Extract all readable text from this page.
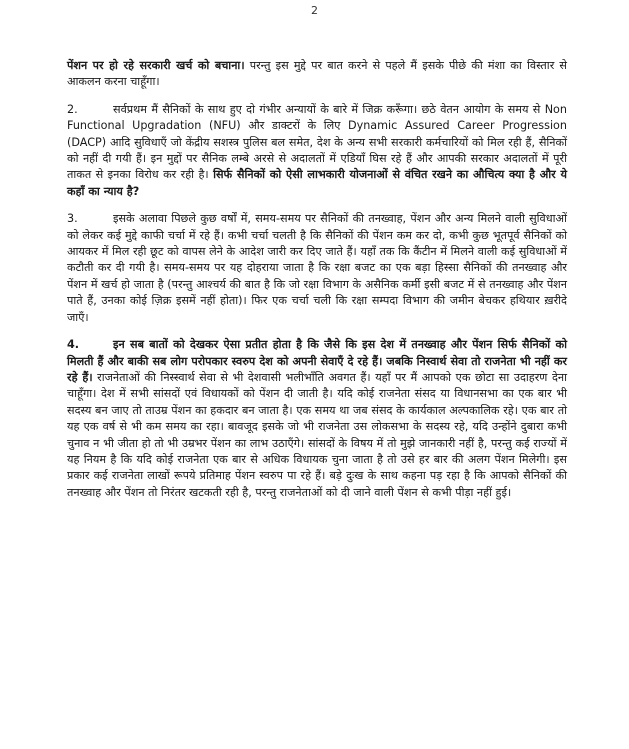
2

पेंशन पर हो रहे सरकारी खर्च को बचाना। परन्तु इस मुद्दे पर बात करने से पहले मैं इसके पीछे की मंशा का विस्तार से आकलन करना चाहूँगा।

2.	सर्वप्रथम मैं सैनिकों के साथ हुए दो गंभीर अन्यायों के बारे में जिक्र करूँगा। छठे वेतन आयोग के समय से Non Functional Upgradation (NFU) और डाक्टरों के लिए Dynamic Assured Career Progression (DACP) आदि सुविधाएँ जो केंद्रीय सशस्त्र पुलिस बल समेत, देश के अन्य सभी सरकारी कर्मचारियों को मिल रही हैं, सैनिकों को नहीं दी गयी हैं। इन मुद्दों पर सैनिक लम्बे अरसे से अदालतों में एडियाँ घिस रहे हैं और आपकी सरकार अदालतों में पूरी ताकत से इनका विरोध कर रही है। सिर्फ सैनिकों को ऐसी लाभकारी योजनाओं से वंचित रखने का औचित्य क्या है और ये कहाँ का न्याय है?

3.	इसके अलावा पिछले कुछ वर्षों में, समय-समय पर सैनिकों की तनख्वाह, पेंशन और अन्य मिलने वाली सुविधाओं को लेकर कई मुद्दे काफी चर्चा में रहे हैं। कभी चर्चा चलती है कि सैनिकों की पेंशन कम कर दो, कभी कुछ भूतपूर्व सैनिकों को आयकर में मिल रही छूट को वापस लेने के आदेश जारी कर दिए जाते हैं। यहाँ तक कि कैंटीन में मिलने वाली कई सुविधाओं में कटौती कर दी गयी है। समय-समय पर यह दोहराया जाता है कि रक्षा बजट का एक बड़ा हिस्सा सैनिकों की तनख्वाह और पेंशन में खर्च हो जाता है (परन्तु आश्चर्य की बात है कि जो रक्षा विभाग के असैनिक कर्मी इसी बजट में से तनख्वाह और पेंशन पाते हैं, उनका कोई ज़िक्र इसमें नहीं होता)। फिर एक चर्चा चली कि रक्षा सम्पदा विभाग की जमीन बेचकर हथियार ख़रीदे जाएँ।

4.	इन सब बातों को देखकर ऐसा प्रतीत होता है कि जैसे कि इस देश में तनख्वाह और पेंशन सिर्फ सैनिकों को मिलती हैं और बाकी सब लोग परोपकार स्वरुप देश को अपनी सेवाएँ दे रहे हैं। जबकि निस्वार्थ सेवा तो राजनेता भी नहीं कर रहे हैं। राजनेताओं की निस्स्वार्थ सेवा से भी देशवासी भलीभाँति अवगत हैं। यहाँ पर मैं आपको एक छोटा सा उदाहरण देना चाहूँगा। देश में सभी सांसदों एवं विधायकों को पेंशन दी जाती है। यदि कोई राजनेता संसद या विधानसभा का एक बार भी सदस्य बन जाए तो ताउम्र पेंशन का हकदार बन जाता है। एक समय था जब संसद के कार्यकाल अल्पकालिक रहे। एक बार तो यह एक वर्ष से भी कम समय का रहा। बावजूद इसके जो भी राजनेता उस लोकसभा के सदस्य रहे, यदि उन्होंने दुबारा कभी चुनाव न भी जीता हो तो भी उम्रभर पेंशन का लाभ उठाएँगे। सांसदों के विषय में तो मुझे जानकारी नहीं है, परन्तु कई राज्यों में यह नियम है कि यदि कोई राजनेता एक बार से अधिक विधायक चुना जाता है तो उसे हर बार की अलग पेंशन मिलेगी। इस प्रकार कई राजनेता लाखों रूपये प्रतिमाह पेंशन स्वरुप पा रहे हैं। बड़े दुःख के साथ कहना पड़ रहा है कि आपको सैनिकों की तनख्वाह और पेंशन तो निरंतर खटकती रही है, परन्तु राजनेताओं को दी जाने वाली पेंशन से कभी पीड़ा नहीं हुई।
